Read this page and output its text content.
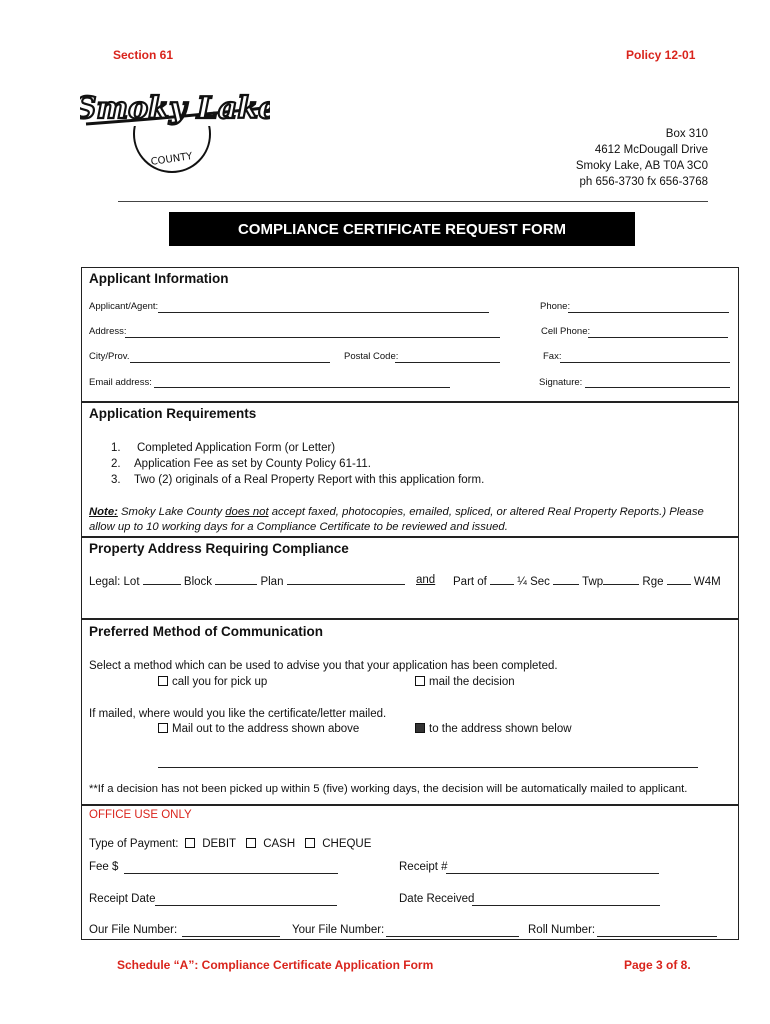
Section 61	Policy 12-01
Smoky Lake
COUNTY
Box 310
4612 McDougall Drive
Smoky Lake, AB T0A 3C0
ph 656-3730 fx 656-3768
COMPLIANCE CERTIFICATE REQUEST FORM
Applicant Information
Applicant/Agent:	Phone:
Address:	Cell Phone:
City/Prov.	Postal Code:	Fax:
Email address:	Signature:
Application Requirements
1. Completed Application Form (or Letter)
2. Application Fee as set by County Policy 61-11.
3. Two (2) originals of a Real Property Report with this application form.
Note: Smoky Lake County does not accept faxed, photocopies, emailed, spliced, or altered Real Property Reports.) Please
allow up to 10 working days for a Compliance Certificate to be reviewed and issued.
Property Address Requiring Compliance
Legal: Lot	Block	Plan	and Part of	¼ Sec	Twp	Rge	W4M
Preferred Method of Communication
Select a method which can be used to advise you that your application has been completed.
call you for pick up	mail the decision
If mailed, where would you like the certificate/letter mailed.
Mail out to the address shown above	to the address shown below
**If a decision has not been picked up within 5 (five) working days, the decision will be automatically mailed to applicant.
OFFICE USE ONLY
Type of Payment:	DEBIT	CASH	CHEQUE
Fee $	Receipt #
Receipt Date	Date Received
Our File Number:	Your File Number:	Roll Number:
Schedule “A”: Compliance Certificate Application Form	Page 3 of 8.
